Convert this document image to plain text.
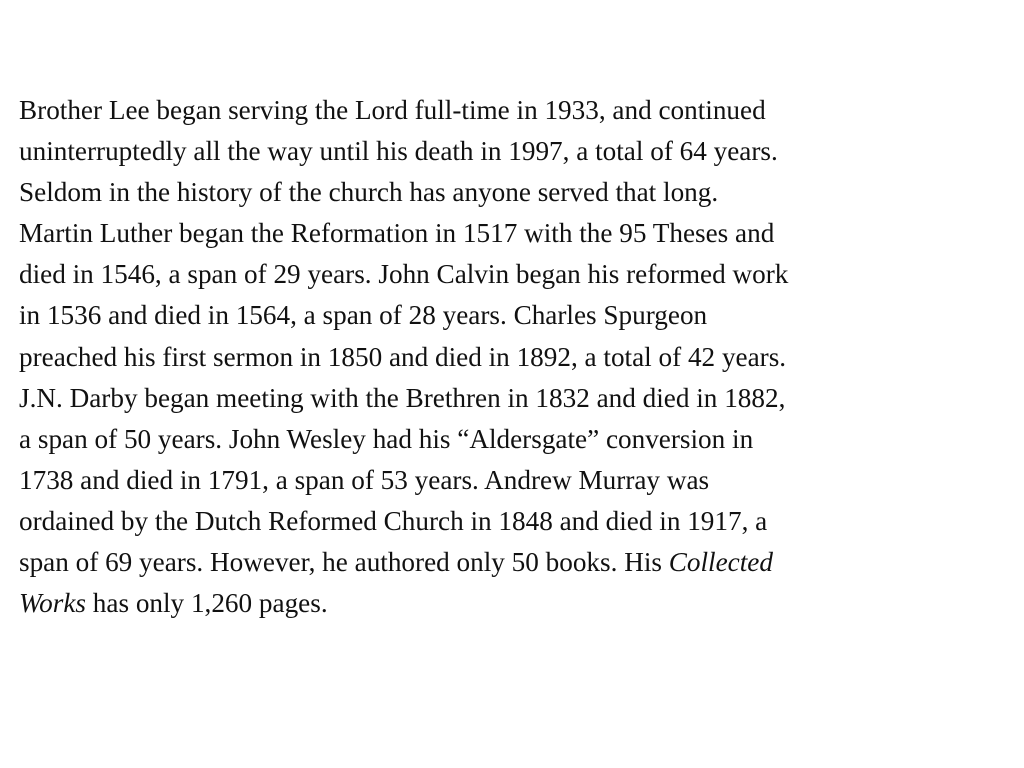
Brother Lee began serving the Lord full-time in 1933, and continued
uninterruptedly all the way until his death in 1997, a total of 64 years.
Seldom in the history of the church has anyone served that long.
Martin Luther began the Reformation in 1517 with the 95 Theses and
died in 1546, a span of 29 years. John Calvin began his reformed work
in 1536 and died in 1564, a span of 28 years. Charles Spurgeon
preached his first sermon in 1850 and died in 1892, a total of 42 years.
J.N. Darby began meeting with the Brethren in 1832 and died in 1882,
a span of 50 years. John Wesley had his “Aldersgate” conversion in
1738 and died in 1791, a span of 53 years. Andrew Murray was
ordained by the Dutch Reformed Church in 1848 and died in 1917, a
span of 69 years. However, he authored only 50 books. His Collected
Works has only 1,260 pages.
